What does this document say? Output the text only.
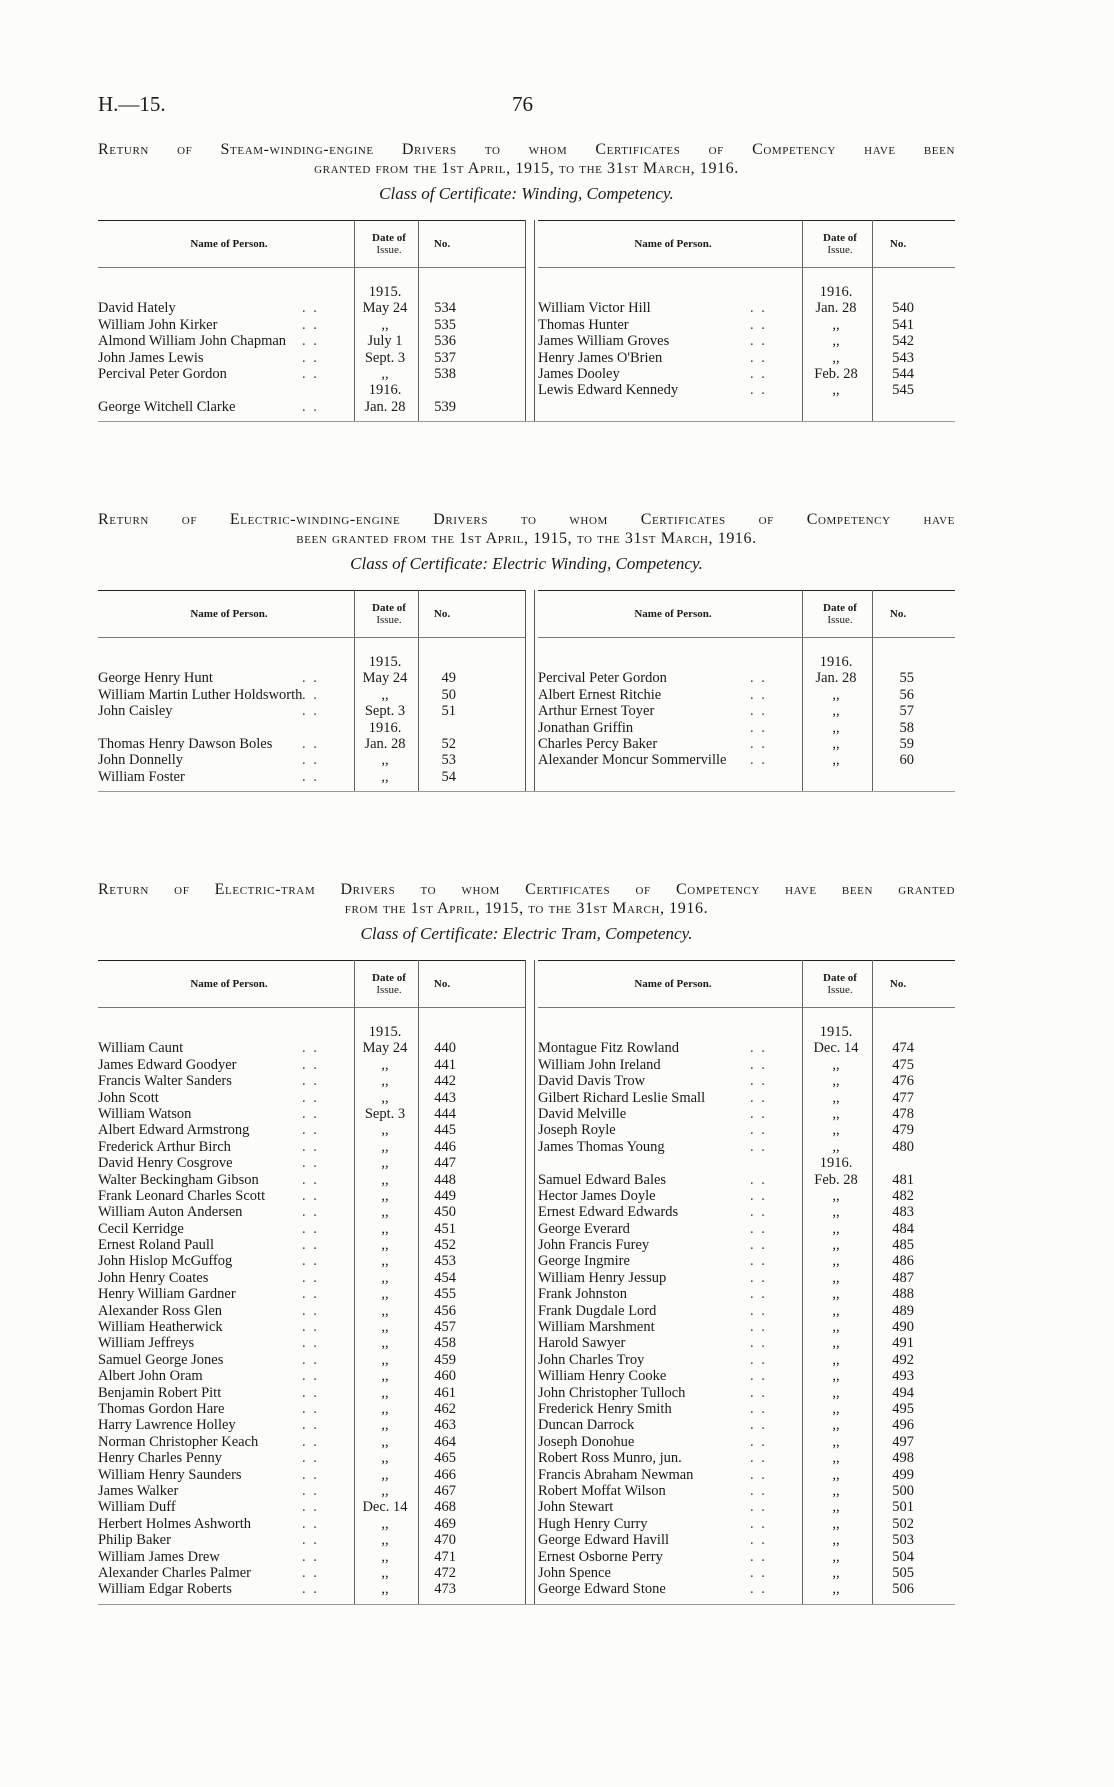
H.—15.	76
Return of Steam-winding-engine Drivers to whom Certificates of Competency have been
granted from the 1st April, 1915, to the 31st March, 1916.
Class of Certificate: Winding, Competency.
Name of Person.	Date of
Issue.	No.
1915.
David Hately	. .	May 24	534
William John Kirker	. .	,,	535
Almond William John Chapman . .	July 1	536
John James Lewis	. .	Sept. 3	537
Percival Peter Gordon	. .	,,	538
1916.
George Witchell Clarke	. .	Jan. 28	539
Name of Person.	Date of
Issue.	No.
1916.
William Victor Hill	. .	Jan. 28	540
Thomas Hunter	. .	,,	541
James William Groves	. .	,,	542
Henry James O'Brien	. .	,,	543
James Dooley	. .	Feb. 28	544
Lewis Edward Kennedy	. .	,,	545
Return of Electric-winding-engine Drivers to whom Certificates of Competency have
been granted from the 1st April, 1915, to the 31st March, 1916.
Class of Certificate: Electric Winding, Competency.
Name of Person.	Date of
Issue.	No.
1915.
George Henry Hunt	. .	May 24	49
William Martin Luther Holdsworth . .	,,	50
John Caisley	. .	Sept. 3	51
1916.
Thomas Henry Dawson Boles . .	Jan. 28	52
John Donnelly	. .	,,	53
William Foster	. .	,,	54
Name of Person.	Date of
Issue.	No.
1916.
Percival Peter Gordon	. .	Jan. 28	55
Albert Ernest Ritchie	. .	,,	56
Arthur Ernest Toyer	. .	,,	57
Jonathan Griffin	. .	,,	58
Charles Percy Baker	. .	,,	59
Alexander Moncur Sommerville . .	,,	60
Return of Electric-tram Drivers to whom Certificates of Competency have been granted
from the 1st April, 1915, to the 31st March, 1916.
Class of Certificate: Electric Tram, Competency.
Name of Person.	Date of
Issue.	No.
1915.
William Caunt	. .	May 24	440
James Edward Goodyer	. .	,,	441
Francis Walter Sanders	. .	,,	442
John Scott	. .	,,	443
William Watson	. .	Sept. 3	444
Albert Edward Armstrong	. .	,,	445
Frederick Arthur Birch	. .	,,	446
David Henry Cosgrove	. .	,,	447
Walter Beckingham Gibson	. .	,,	448
Frank Leonard Charles Scott	. .	,,	449
William Auton Andersen	. .	,,	450
Cecil Kerridge	. .	,,	451
Ernest Roland Paull	. .	,,	452
John Hislop McGuffog	. .	,,	453
John Henry Coates	. .	,,	454
Henry William Gardner	. .	,,	455
Alexander Ross Glen	. .	,,	456
William Heatherwick	. .	,,	457
William Jeffreys	. .	,,	458
Samuel George Jones	. .	,,	459
Albert John Oram	. .	,,	460
Benjamin Robert Pitt	. .	,,	461
Thomas Gordon Hare	. .	,,	462
Harry Lawrence Holley	. .	,,	463
Norman Christopher Keach	. .	,,	464
Henry Charles Penny	. .	,,	465
William Henry Saunders	. .	,,	466
James Walker	. .	,,	467
William Duff	. .	Dec. 14	468
Herbert Holmes Ashworth	. .	,,	469
Philip Baker	. .	,,	470
William James Drew	. .	,,	471
Alexander Charles Palmer	. .	,,	472
William Edgar Roberts	. .	,,	473
Name of Person.	Date of
Issue.	No.
1915.
Montague Fitz Rowland	. .	Dec. 14	474
William John Ireland	. .	,,	475
David Davis Trow	. .	,,	476
Gilbert Richard Leslie Small	. .	,,	477
David Melville	. .	,,	478
Joseph Royle	. .	,,	479
James Thomas Young	. .	,,	480
1916.
Samuel Edward Bales	. .	Feb. 28	481
Hector James Doyle	. .	,,	482
Ernest Edward Edwards	. .	,,	483
George Everard	. .	,,	484
John Francis Furey	. .	,,	485
George Ingmire	. .	,,	486
William Henry Jessup	. .	,,	487
Frank Johnston	. .	,,	488
Frank Dugdale Lord	. .	,,	489
William Marshment	. .	,,	490
Harold Sawyer	. .	,,	491
John Charles Troy	. .	,,	492
William Henry Cooke	. .	,,	493
John Christopher Tulloch	. .	,,	494
Frederick Henry Smith	. .	,,	495
Duncan Darrock	. .	,,	496
Joseph Donohue	. .	,,	497
Robert Ross Munro, jun.	. .	,,	498
Francis Abraham Newman	. .	,,	499
Robert Moffat Wilson	. .	,,	500
John Stewart	. .	,,	501
Hugh Henry Curry	. .	,,	502
George Edward Havill	. .	,,	503
Ernest Osborne Perry	. .	,,	504
John Spence	. .	,,	505
George Edward Stone	. .	,,	506
